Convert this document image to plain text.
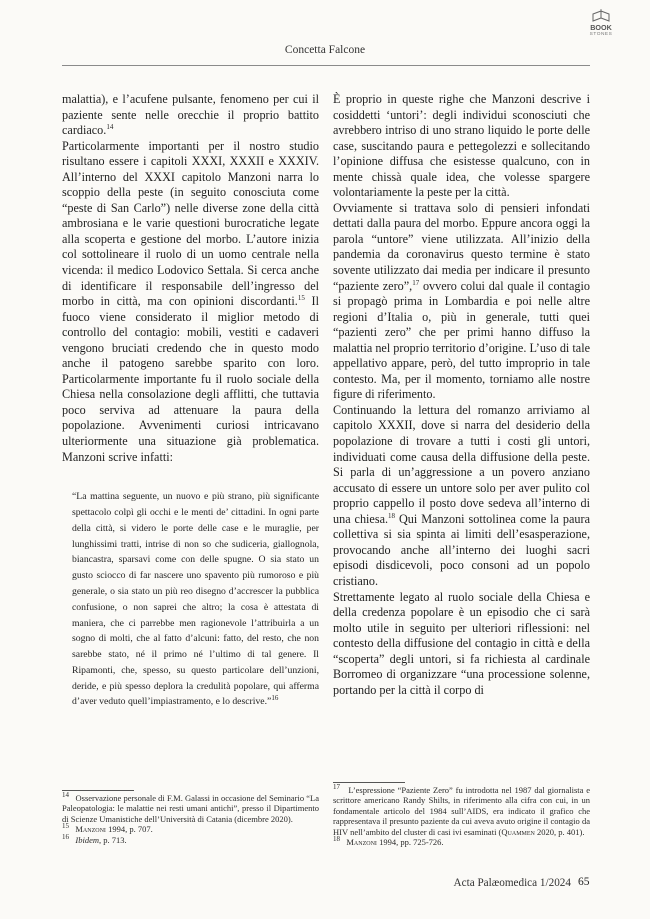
BOOK
STONES
Concetta Falcone

malattia), e l’acufene pulsante, fenomeno per cui il paziente sente nelle orecchie il proprio battito cardiaco.$^{14}$

Particolarmente importanti per il nostro studio risultano essere i capitoli XXXI, XXXII e XXXIV. All’interno del XXXI capitolo Manzoni narra lo scoppio della peste (in seguito conosciuta come “peste di San Carlo”) nelle diverse zone della città ambrosiana e le varie questioni burocratiche legate alla scoperta e gestione del morbo. L’autore inizia col sottolineare il ruolo di un uomo centrale nella vicenda: il medico Lodovico Settala. Si cerca anche di identificare il responsabile dell’ingresso del morbo in città, ma con opinioni discordanti.$^{15}$ Il fuoco viene considerato il miglior metodo di controllo del contagio: mobili, vestiti e cadaveri vengono bruciati credendo che in questo modo anche il patogeno sarebbe sparito con loro. Particolarmente importante fu il ruolo sociale della Chiesa nella consolazione degli afflitti, che tuttavia poco serviva ad attenuare la paura della popolazione. Avvenimenti curiosi intricavano ulteriormente una situazione già problematica. Manzoni scrive infatti:

“La mattina seguente, un nuovo e più strano, più significante spettacolo colpì gli occhi e le menti de’ cittadini. In ogni parte della città, si videro le porte delle case e le muraglie, per lunghissimi tratti, intrise di non so che sudiceria, giallognola, biancastra, sparsavi come con delle spugne. O sia stato un gusto sciocco di far nascere uno spavento più rumoroso e più generale, o sia stato un più reo disegno d’accrescer la pubblica confusione, o non saprei che altro; la cosa è attestata di maniera, che ci parrebbe men ragionevole l’attribuirla a un sogno di molti, che al fatto d’alcuni: fatto, del resto, che non sarebbe stato, né il primo né l’ultimo di tal genere. Il Ripamonti, che, spesso, su questo particolare dell’unzioni, deride, e più spesso deplora la credulità popolare, qui afferma d’aver veduto quell’impiastramento, e lo descrive.”$^{16}$

È proprio in queste righe che Manzoni descrive i cosiddetti ‘untori’: degli individui sconosciuti che avrebbero intriso di uno strano liquido le porte delle case, suscitando paura e pettegolezzi e sollecitando l’opinione diffusa che esistesse qualcuno, con in mente chissà quale idea, che volesse spargere volontariamente la peste per la città.

Ovviamente si trattava solo di pensieri infondati dettati dalla paura del morbo. Eppure ancora oggi la parola “untore” viene utilizzata. All’inizio della pandemia da coronavirus questo termine è stato sovente utilizzato dai media per indicare il presunto “paziente zero”,$^{17}$ ovvero colui dal quale il contagio si propagò prima in Lombardia e poi nelle altre regioni d’Italia o, più in generale, tutti quei “pazienti zero” che per primi hanno diffuso la malattia nel proprio territorio d’origine. L’uso di tale appellativo appare, però, del tutto improprio in tale contesto. Ma, per il momento, torniamo alle nostre figure di riferimento.

Continuando la lettura del romanzo arriviamo al capitolo XXXII, dove si narra del desiderio della popolazione di trovare a tutti i costi gli untori, individuati come causa della diffusione della peste. Si parla di un’aggressione a un povero anziano accusato di essere un untore solo per aver pulito col proprio cappello il posto dove sedeva all’interno di una chiesa.$^{18}$ Qui Manzoni sottolinea come la paura collettiva si sia spinta ai limiti dell’esasperazione, provocando anche all’interno dei luoghi sacri episodi disdicevoli, poco consoni ad un popolo cristiano.

Strettamente legato al ruolo sociale della Chiesa e della credenza popolare è un episodio che ci sarà molto utile in seguito per ulteriori riflessioni: nel contesto della diffusione del contagio in città e della “scoperta” degli untori, si fa richiesta al cardinale Borromeo di organizzare “una processione solenne, portando per la città il corpo di

$^{14}$ Osservazione personale di F.M. Galassi in occasione del Seminario “La Paleopatologia: le malattie nei resti umani antichi”, presso il Dipartimento di Scienze Umanistiche dell’Università di Catania (dicembre 2020).

$^{15}$ Manzoni 1994, p. 707.

$^{16}$ Ibidem, p. 713.

$^{17}$ L’espressione “Paziente Zero” fu introdotta nel 1987 dal giornalista e scrittore americano Randy Shilts, in riferimento alla cifra con cui, in un fondamentale articolo del 1984 sull’AIDS, era indicato il grafico che rappresentava il presunto paziente da cui aveva avuto origine il contagio da HIV nell’ambito del cluster di casi ivi esaminati (Quammen 2020, p. 401).

$^{18}$ Manzoni 1994, pp. 725-726.

Acta Palæomedica 1/2024 65
